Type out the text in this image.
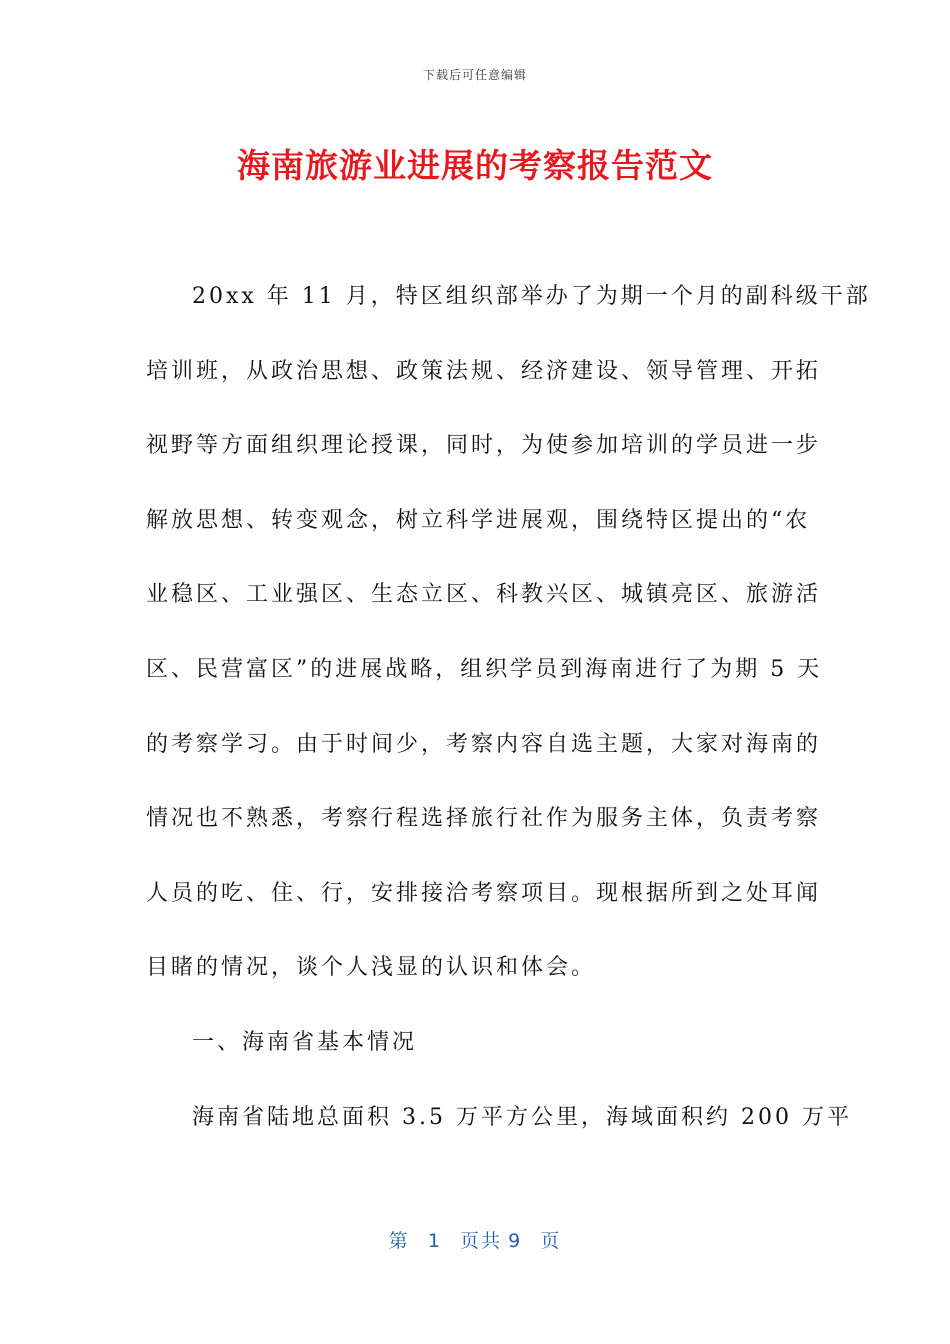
下载后可任意编辑
海南旅游业进展的考察报告范文
20xx 年 11 月，特区组织部举办了为期一个月的副科级干部
培训班，从政治思想、政策法规、经济建设、领导管理、开拓
视野等方面组织理论授课，同时，为使参加培训的学员进一步
解放思想、转变观念，树立科学进展观，围绕特区提出的“农
业稳区、工业强区、生态立区、科教兴区、城镇亮区、旅游活
区、民营富区”的进展战略，组织学员到海南进行了为期 5 天
的考察学习。由于时间少，考察内容自选主题，大家对海南的
情况也不熟悉，考察行程选择旅行社作为服务主体，负责考察
人员的吃、住、行，安排接洽考察项目。现根据所到之处耳闻
目睹的情况，谈个人浅显的认识和体会。
一、海南省基本情况
海南省陆地总面积 3.5 万平方公里，海域面积约 200 万平
第 1 页共 9 页
